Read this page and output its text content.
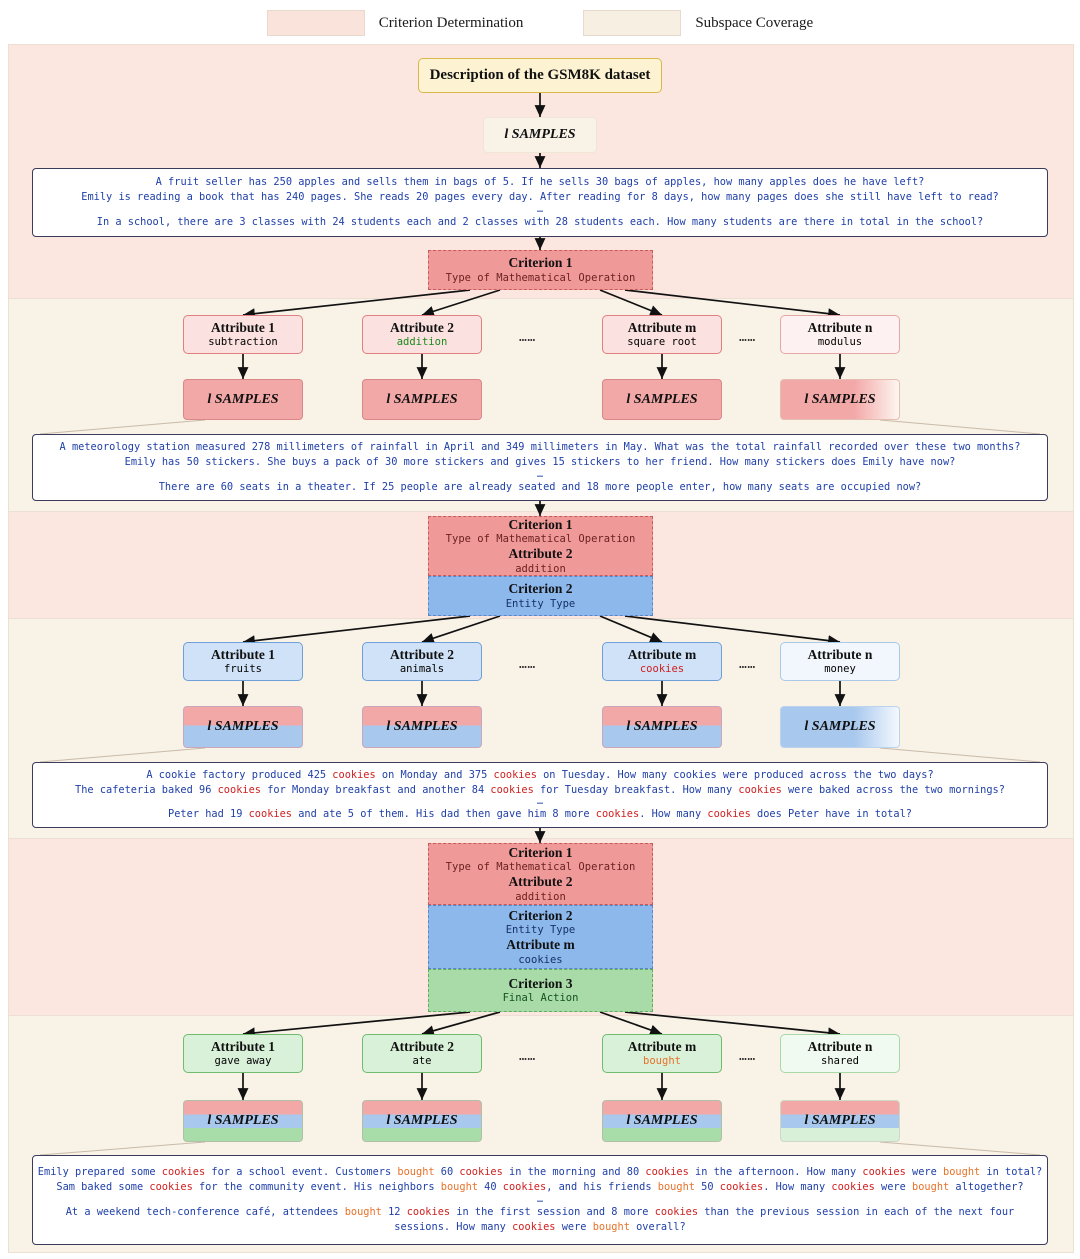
Criterion Determination	Subspace Coverage
Description of the GSM8K dataset
l SAMPLES
A fruit seller has 250 apples and sells them in bags of 5. If he sells 30 bags of apples, how many apples does he have left?
Emily is reading a book that has 240 pages. She reads 20 pages every day. After reading for 8 days, how many pages does she still have left to read?
…
In a school, there are 3 classes with 24 students each and 2 classes with 28 students each. How many students are there in total in the school?
Criterion 1
Type of Mathematical Operation
Attribute 1
subtraction
Attribute 2
addition	……
Attribute m
square root	……
Attribute n
modulus
l SAMPLES	l SAMPLES	l SAMPLES	l SAMPLES
A meteorology station measured 278 millimeters of rainfall in April and 349 millimeters in May. What was the total rainfall recorded over these two months?
Emily has 50 stickers. She buys a pack of 30 more stickers and gives 15 stickers to her friend. How many stickers does Emily have now?
…
There are 60 seats in a theater. If 25 people are already seated and 18 more people enter, how many seats are occupied now?
Criterion 1
Type of Mathematical Operation
Attribute 2
addition
Criterion 2
Entity Type
Attribute 1
fruits
Attribute 2
animals	……
Attribute m
cookies	……
Attribute n
money
l SAMPLES	l SAMPLES	l SAMPLES	l SAMPLES
A cookie factory produced 425 cookies on Monday and 375 cookies on Tuesday. How many cookies were produced across the two days?
The cafeteria baked 96 cookies for Monday breakfast and another 84 cookies for Tuesday breakfast. How many cookies were baked across the two mornings?
…
Peter had 19 cookies and ate 5 of them. His dad then gave him 8 more cookies. How many cookies does Peter have in total?
Criterion 1
Type of Mathematical Operation
Attribute 2
addition
Criterion 2
Entity Type
Attribute m
cookies
Criterion 3
Final Action
Attribute 1
gave away
Attribute 2
ate	……
Attribute m
bought	……
Attribute n
shared
l SAMPLES	l SAMPLES	l SAMPLES	l SAMPLES
Emily prepared some cookies for a school event. Customers bought 60 cookies in the morning and 80 cookies in the afternoon. How many cookies were bought in total?
Sam baked some cookies for the community event. His neighbors bought 40 cookies, and his friends bought 50 cookies. How many cookies were bought altogether?
…
At a weekend tech-conference café, attendees bought 12 cookies in the first session and 8 more cookies than the previous session in each of the next four
sessions. How many cookies were bought overall?
